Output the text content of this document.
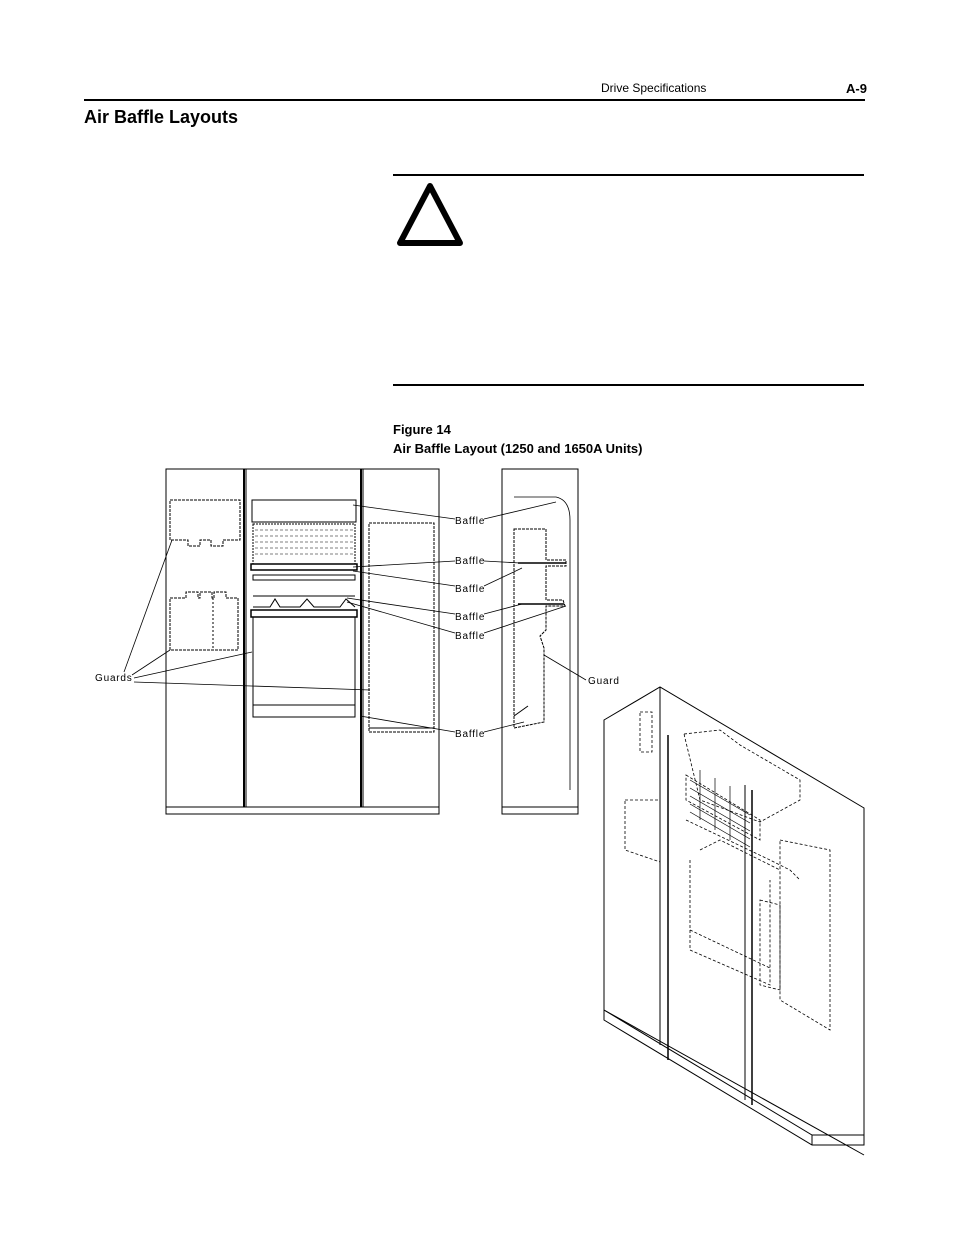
Drive Specifications	A-9
Air Baffle Layouts
Figure 14
Air Baffle Layout (1250 and 1650A Units)
Baffle
Baffle
Baffle
Baffle
Baffle
Baffle
Guards	Guard
